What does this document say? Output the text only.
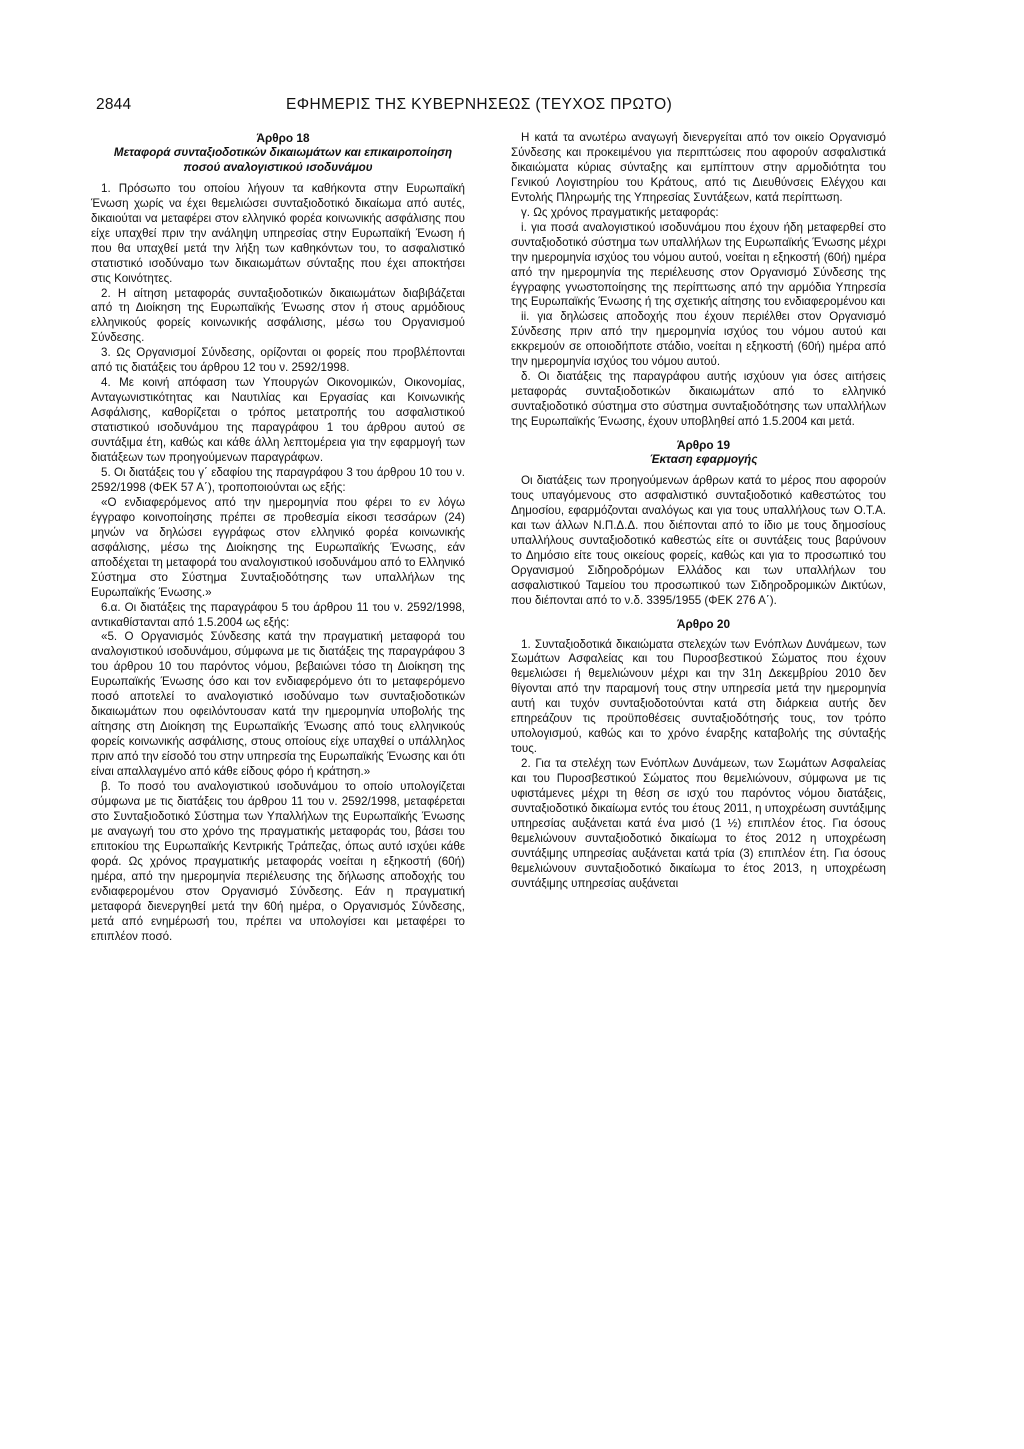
2844	ΕΦΗΜΕΡΙΣ ΤΗΣ ΚΥΒΕΡΝΗΣΕΩΣ (ΤΕΥΧΟΣ ΠΡΩΤΟ)

Άρθρο 18

Μεταφορά συνταξιοδοτικών δικαιωμάτων και επικαιροποίηση ποσού αναλογιστικού ισοδυνάμου

1. Πρόσωπο του οποίου λήγουν τα καθήκοντα στην Ευρωπαϊκή Ένωση χωρίς να έχει θεμελιώσει συνταξιοδοτικό δικαίωμα από αυτές, δικαιούται να μεταφέρει στον ελληνικό φορέα κοινωνικής ασφάλισης που είχε υπαχθεί πριν την ανάληψη υπηρεσίας στην Ευρωπαϊκή Ένωση ή που θα υπαχθεί μετά την λήξη των καθηκόντων του, το ασφαλιστικό στατιστικό ισοδύναμο των δικαιωμάτων σύνταξης που έχει αποκτήσει στις Κοινότητες.

2. Η αίτηση μεταφοράς συνταξιοδοτικών δικαιωμάτων διαβιβάζεται από τη Διοίκηση της Ευρωπαϊκής Ένωσης στον ή στους αρμόδιους ελληνικούς φορείς κοινωνικής ασφάλισης, μέσω του Οργανισμού Σύνδεσης.

3. Ως Οργανισμοί Σύνδεσης, ορίζονται οι φορείς που προβλέπονται από τις διατάξεις του άρθρου 12 του ν. 2592/1998.

4. Με κοινή απόφαση των Υπουργών Οικονομικών, Οικονομίας, Ανταγωνιστικότητας και Ναυτιλίας και Εργασίας και Κοινωνικής Ασφάλισης, καθορίζεται ο τρόπος μετατροπής του ασφαλιστικού στατιστικού ισοδυνάμου της παραγράφου 1 του άρθρου αυτού σε συντάξιμα έτη, καθώς και κάθε άλλη λεπτομέρεια για την εφαρμογή των διατάξεων των προηγούμενων παραγράφων.

5. Οι διατάξεις του γ΄ εδαφίου της παραγράφου 3 του άρθρου 10 του ν. 2592/1998 (ΦΕΚ 57 Α΄), τροποποιούνται ως εξής:

«Ο ενδιαφερόμενος από την ημερομηνία που φέρει το εν λόγω έγγραφο κοινοποίησης πρέπει σε προθεσμία είκοσι τεσσάρων (24) μηνών να δηλώσει εγγράφως στον ελληνικό φορέα κοινωνικής ασφάλισης, μέσω της Διοίκησης της Ευρωπαϊκής Ένωσης, εάν αποδέχεται τη μεταφορά του αναλογιστικού ισοδυνάμου από το Ελληνικό Σύστημα στο Σύστημα Συνταξιοδότησης των υπαλλήλων της Ευρωπαϊκής Ένωσης.»

6.α. Οι διατάξεις της παραγράφου 5 του άρθρου 11 του ν. 2592/1998, αντικαθίστανται από 1.5.2004 ως εξής:

«5. Ο Οργανισμός Σύνδεσης κατά την πραγματική μεταφορά του αναλογιστικού ισοδυνάμου, σύμφωνα με τις διατάξεις της παραγράφου 3 του άρθρου 10 του παρόντος νόμου, βεβαιώνει τόσο τη Διοίκηση της Ευρωπαϊκής Ένωσης όσο και τον ενδιαφερόμενο ότι το μεταφερόμενο ποσό αποτελεί το αναλογιστικό ισοδύναμο των συνταξιοδοτικών δικαιωμάτων που οφειλόντουσαν κατά την ημερομηνία υποβολής της αίτησης στη Διοίκηση της Ευρωπαϊκής Ένωσης από τους ελληνικούς φορείς κοινωνικής ασφάλισης, στους οποίους είχε υπαχθεί ο υπάλληλος πριν από την είσοδό του στην υπηρεσία της Ευρωπαϊκής Ένωσης και ότι είναι απαλλαγμένο από κάθε είδους φόρο ή κράτηση.»

β. Το ποσό του αναλογιστικού ισοδυνάμου το οποίο υπολογίζεται σύμφωνα με τις διατάξεις του άρθρου 11 του ν. 2592/1998, μεταφέρεται στο Συνταξιοδοτικό Σύστημα των Υπαλλήλων της Ευρωπαϊκής Ένωσης με αναγωγή του στο χρόνο της πραγματικής μεταφοράς του, βάσει του επιτοκίου της Ευρωπαϊκής Κεντρικής Τράπεζας, όπως αυτό ισχύει κάθε φορά. Ως χρόνος πραγματικής μεταφοράς νοείται η εξηκοστή (60ή) ημέρα, από την ημερομηνία περιέλευσης της δήλωσης αποδοχής του ενδιαφερομένου στον Οργανισμό Σύνδεσης. Εάν η πραγματική μεταφορά διενεργηθεί μετά την 60ή ημέρα, ο Οργανισμός Σύνδεσης, μετά από ενημέρωσή του, πρέπει να υπολογίσει και μεταφέρει το επιπλέον ποσό.

Η κατά τα ανωτέρω αναγωγή διενεργείται από τον οικείο Οργανισμό Σύνδεσης και προκειμένου για περιπτώσεις που αφορούν ασφαλιστικά δικαιώματα κύριας σύνταξης και εμπίπτουν στην αρμοδιότητα του Γενικού Λογιστηρίου του Κράτους, από τις Διευθύνσεις Ελέγχου και Εντολής Πληρωμής της Υπηρεσίας Συντάξεων, κατά περίπτωση.

γ. Ως χρόνος πραγματικής μεταφοράς:

i. για ποσά αναλογιστικού ισοδυνάμου που έχουν ήδη μεταφερθεί στο συνταξιοδοτικό σύστημα των υπαλλήλων της Ευρωπαϊκής Ένωσης μέχρι την ημερομηνία ισχύος του νόμου αυτού, νοείται η εξηκοστή (60ή) ημέρα από την ημερομηνία της περιέλευσης στον Οργανισμό Σύνδεσης της έγγραφης γνωστοποίησης της περίπτωσης από την αρμόδια Υπηρεσία της Ευρωπαϊκής Ένωσης ή της σχετικής αίτησης του ενδιαφερομένου και

ii. για δηλώσεις αποδοχής που έχουν περιέλθει στον Οργανισμό Σύνδεσης πριν από την ημερομηνία ισχύος του νόμου αυτού και εκκρεμούν σε οποιοδήποτε στάδιο, νοείται η εξηκοστή (60ή) ημέρα από την ημερομηνία ισχύος του νόμου αυτού.

δ. Οι διατάξεις της παραγράφου αυτής ισχύουν για όσες αιτήσεις μεταφοράς συνταξιοδοτικών δικαιωμάτων από το ελληνικό συνταξιοδοτικό σύστημα στο σύστημα συνταξιοδότησης των υπαλλήλων της Ευρωπαϊκής Ένωσης, έχουν υποβληθεί από 1.5.2004 και μετά.

Άρθρο 19

Έκταση εφαρμογής

Οι διατάξεις των προηγούμενων άρθρων κατά το μέρος που αφορούν τους υπαγόμενους στο ασφαλιστικό συνταξιοδοτικό καθεστώτος του Δημοσίου, εφαρμόζονται αναλόγως και για τους υπαλλήλους των Ο.Τ.Α. και των άλλων Ν.Π.Δ.Δ. που διέπονται από το ίδιο με τους δημοσίους υπαλλήλους συνταξιοδοτικό καθεστώς είτε οι συντάξεις τους βαρύνουν το Δημόσιο είτε τους οικείους φορείς, καθώς και για το προσωπικό του Οργανισμού Σιδηροδρόμων Ελλάδος και των υπαλλήλων του ασφαλιστικού Ταμείου του προσωπικού των Σιδηροδρομικών Δικτύων, που διέπονται από το ν.δ. 3395/1955 (ΦΕΚ 276 Α΄).

Άρθρο 20

1. Συνταξιοδοτικά δικαιώματα στελεχών των Ενόπλων Δυνάμεων, των Σωμάτων Ασφαλείας και του Πυροσβεστικού Σώματος που έχουν θεμελιώσει ή θεμελιώνουν μέχρι και την 31η Δεκεμβρίου 2010 δεν θίγονται από την παραμονή τους στην υπηρεσία μετά την ημερομηνία αυτή και τυχόν συνταξιοδοτούνται κατά στη διάρκεια αυτής δεν επηρεάζουν τις προϋποθέσεις συνταξιοδότησής τους, τον τρόπο υπολογισμού, καθώς και το χρόνο έναρξης καταβολής της σύνταξής τους.

2. Για τα στελέχη των Ενόπλων Δυνάμεων, των Σωμάτων Ασφαλείας και του Πυροσβεστικού Σώματος που θεμελιώνουν, σύμφωνα με τις υφιστάμενες μέχρι τη θέση σε ισχύ του παρόντος νόμου διατάξεις, συνταξιοδοτικό δικαίωμα εντός του έτους 2011, η υποχρέωση συντάξιμης υπηρεσίας αυξάνεται κατά ένα μισό (1 ½) επιπλέον έτος. Για όσους θεμελιώνουν συνταξιοδοτικό δικαίωμα το έτος 2012 η υποχρέωση συντάξιμης υπηρεσίας αυξάνεται κατά τρία (3) επιπλέον έτη. Για όσους θεμελιώνουν συνταξιοδοτικό δικαίωμα το έτος 2013, η υποχρέωση συντάξιμης υπηρεσίας αυξάνεται
